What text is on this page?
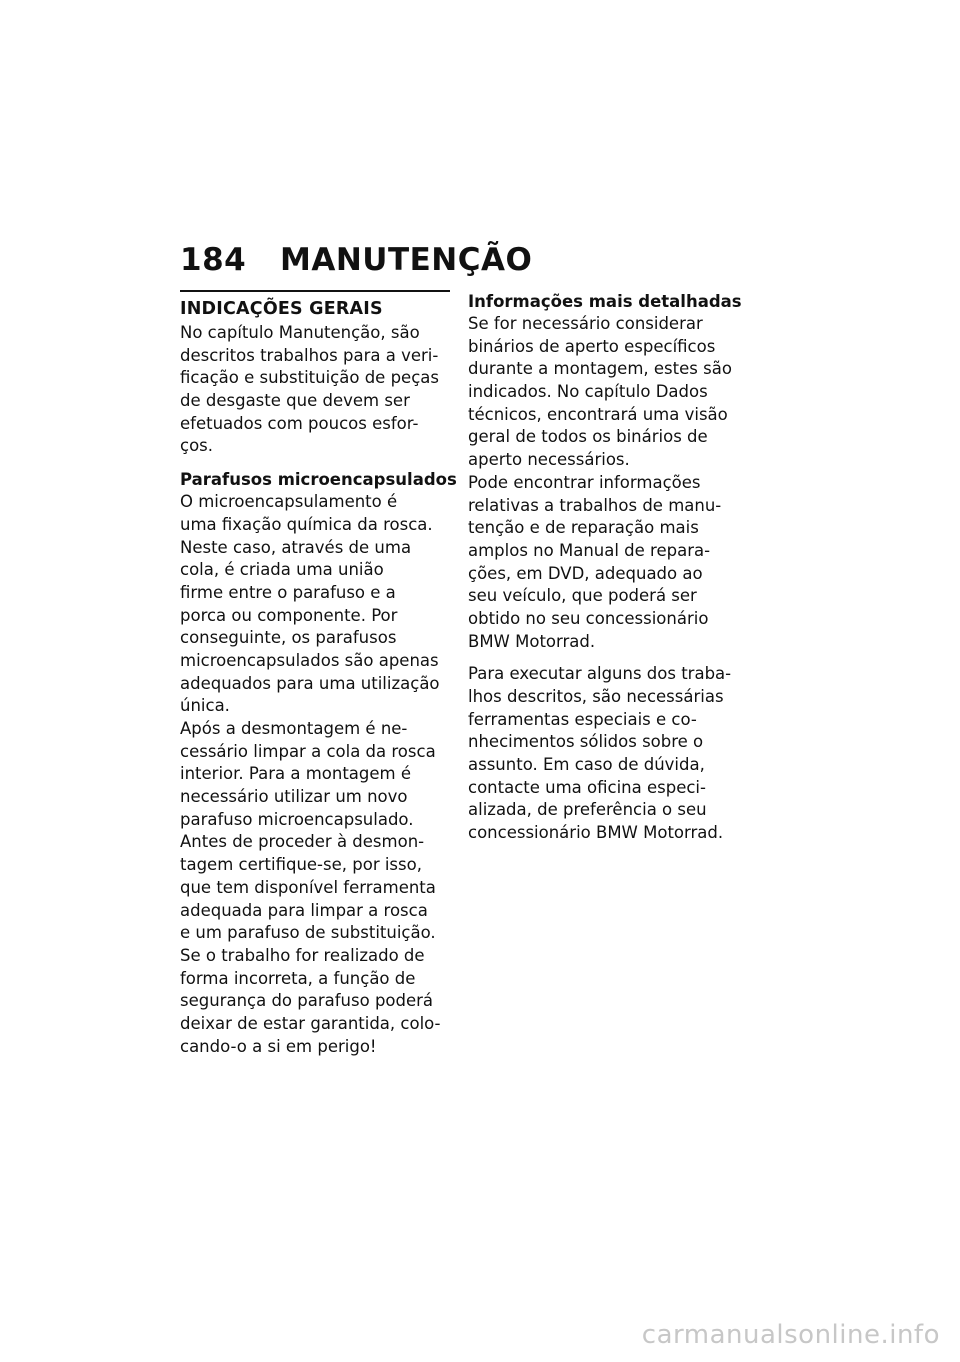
184 MANUTENÇÃO
INDICAÇÕES GERAIS
No capítulo Manutenção, são
descritos trabalhos para a veri-
ficação e substituição de peças
de desgaste que devem ser
efetuados com poucos esfor-
ços.
Parafusos microencapsulados
O microencapsulamento é
uma fixação química da rosca.
Neste caso, através de uma
cola, é criada uma união
firme entre o parafuso e a
porca ou componente. Por
conseguinte, os parafusos
microencapsulados são apenas
adequados para uma utilização
única.
Após a desmontagem é ne-
cessário limpar a cola da rosca
interior. Para a montagem é
necessário utilizar um novo
parafuso microencapsulado.
Antes de proceder à desmon-
tagem certifique-se, por isso,
que tem disponível ferramenta
adequada para limpar a rosca
e um parafuso de substituição.
Se o trabalho for realizado de
forma incorreta, a função de
segurança do parafuso poderá
deixar de estar garantida, colo-
cando-o a si em perigo!
Informações mais detalhadas
Se for necessário considerar
binários de aperto específicos
durante a montagem, estes são
indicados. No capítulo Dados
técnicos, encontrará uma visão
geral de todos os binários de
aperto necessários.
Pode encontrar informações
relativas a trabalhos de manu-
tenção e de reparação mais
amplos no Manual de repara-
ções, em DVD, adequado ao
seu veículo, que poderá ser
obtido no seu concessionário
BMW Motorrad.
Para executar alguns dos traba-
lhos descritos, são necessárias
ferramentas especiais e co-
nhecimentos sólidos sobre o
assunto. Em caso de dúvida,
contacte uma oficina especi-
alizada, de preferência o seu
concessionário BMW Motorrad.
carmanualsonline.info
